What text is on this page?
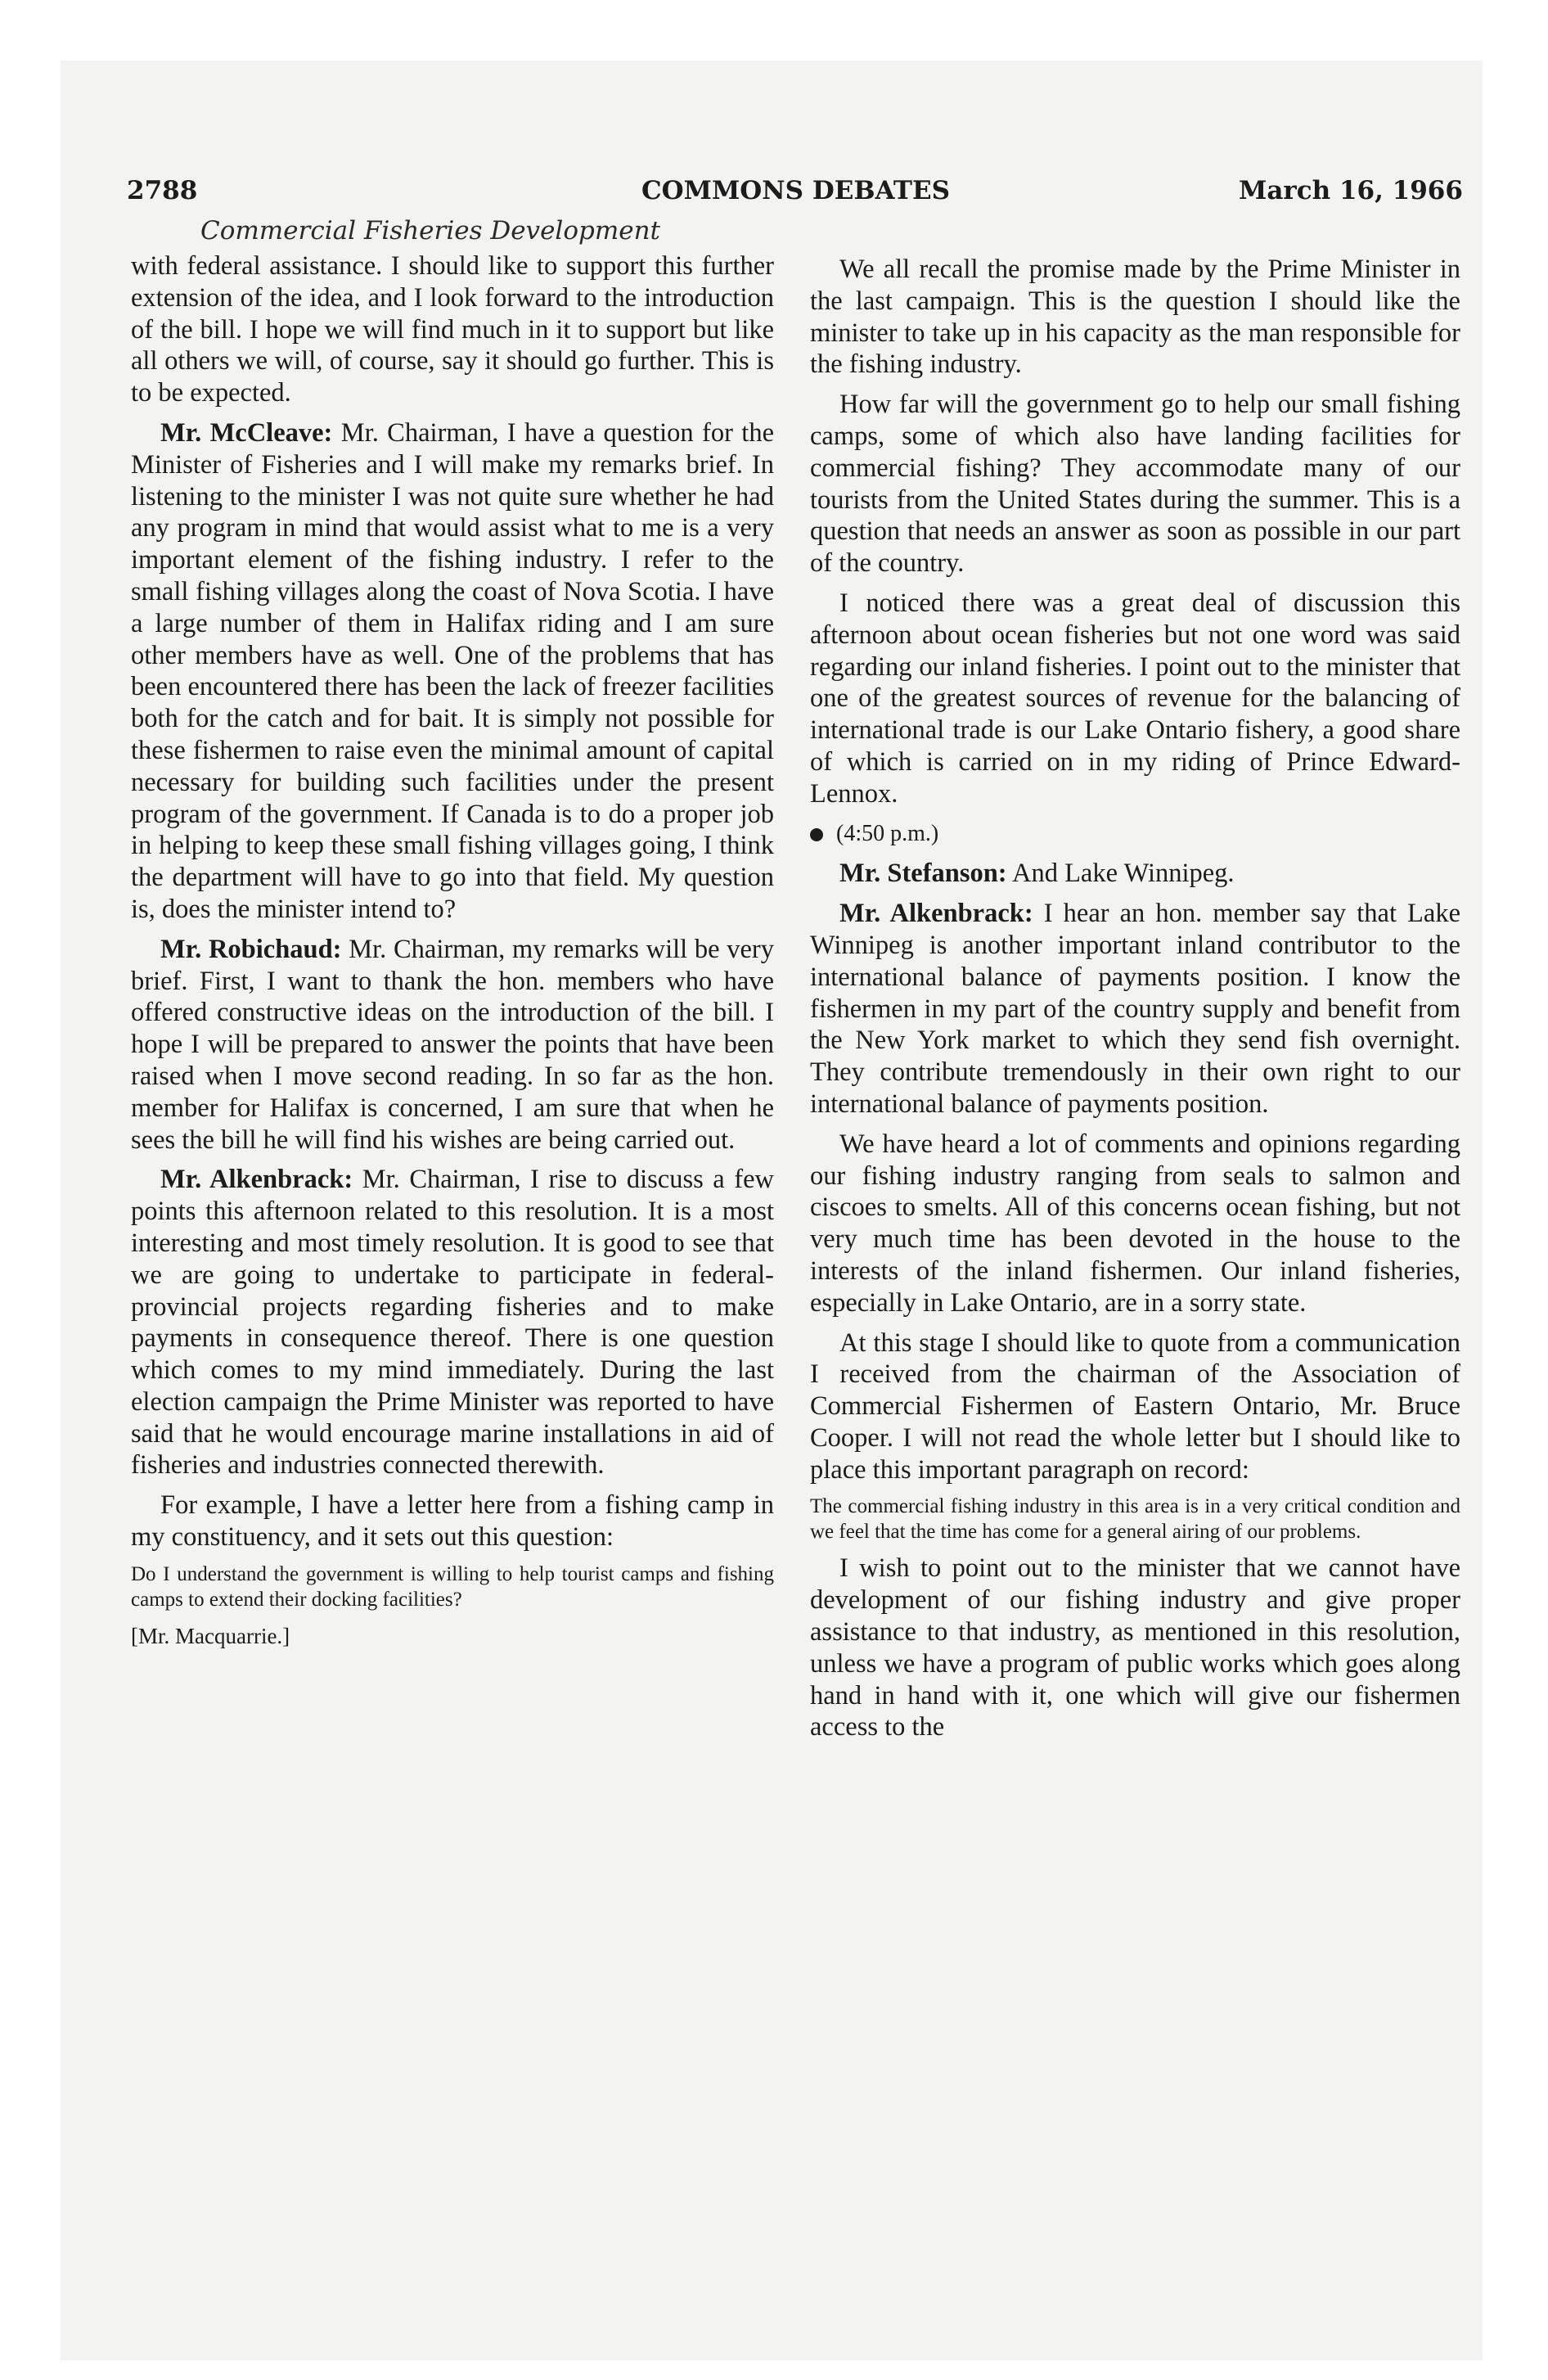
2788	COMMONS DEBATES	March 16, 1966
Commercial Fisheries Development

with federal assistance. I should like to support this further extension of the idea, and I look forward to the introduction of the bill. I hope we will find much in it to support but like all others we will, of course, say it should go further. This is to be expected.

Mr. McCleave: Mr. Chairman, I have a question for the Minister of Fisheries and I will make my remarks brief. In listening to the minister I was not quite sure whether he had any program in mind that would assist what to me is a very important element of the fishing industry. I refer to the small fishing villages along the coast of Nova Scotia. I have a large number of them in Halifax riding and I am sure other members have as well. One of the problems that has been encountered there has been the lack of freezer facilities both for the catch and for bait. It is simply not possible for these fishermen to raise even the minimal amount of capital necessary for building such facilities under the present program of the government. If Canada is to do a proper job in helping to keep these small fishing villages going, I think the department will have to go into that field. My question is, does the minister intend to?

Mr. Robichaud: Mr. Chairman, my remarks will be very brief. First, I want to thank the hon. members who have offered constructive ideas on the introduction of the bill. I hope I will be prepared to answer the points that have been raised when I move second reading. In so far as the hon. member for Halifax is concerned, I am sure that when he sees the bill he will find his wishes are being carried out.

Mr. Alkenbrack: Mr. Chairman, I rise to discuss a few points this afternoon related to this resolution. It is a most interesting and most timely resolution. It is good to see that we are going to undertake to participate in federal-provincial projects regarding fisheries and to make payments in consequence thereof. There is one question which comes to my mind immediately. During the last election campaign the Prime Minister was reported to have said that he would encourage marine installations in aid of fisheries and industries connected therewith.

For example, I have a letter here from a fishing camp in my constituency, and it sets out this question:

Do I understand the government is willing to help tourist camps and fishing camps to extend their docking facilities?

[Mr. Macquarrie.]

We all recall the promise made by the Prime Minister in the last campaign. This is the question I should like the minister to take up in his capacity as the man responsible for the fishing industry.

How far will the government go to help our small fishing camps, some of which also have landing facilities for commercial fishing? They accommodate many of our tourists from the United States during the summer. This is a question that needs an answer as soon as possible in our part of the country.

I noticed there was a great deal of discussion this afternoon about ocean fisheries but not one word was said regarding our inland fisheries. I point out to the minister that one of the greatest sources of revenue for the balancing of international trade is our Lake Ontario fishery, a good share of which is carried on in my riding of Prince Edward-Lennox.

(4:50 p.m.)

Mr. Stefanson: And Lake Winnipeg.

Mr. Alkenbrack: I hear an hon. member say that Lake Winnipeg is another important inland contributor to the international balance of payments position. I know the fishermen in my part of the country supply and benefit from the New York market to which they send fish overnight. They contribute tremendously in their own right to our international balance of payments position.

We have heard a lot of comments and opinions regarding our fishing industry ranging from seals to salmon and ciscoes to smelts. All of this concerns ocean fishing, but not very much time has been devoted in the house to the interests of the inland fishermen. Our inland fisheries, especially in Lake Ontario, are in a sorry state.

At this stage I should like to quote from a communication I received from the chairman of the Association of Commercial Fishermen of Eastern Ontario, Mr. Bruce Cooper. I will not read the whole letter but I should like to place this important paragraph on record:

The commercial fishing industry in this area is in a very critical condition and we feel that the time has come for a general airing of our problems.

I wish to point out to the minister that we cannot have development of our fishing industry and give proper assistance to that industry, as mentioned in this resolution, unless we have a program of public works which goes along hand in hand with it, one which will give our fishermen access to the
